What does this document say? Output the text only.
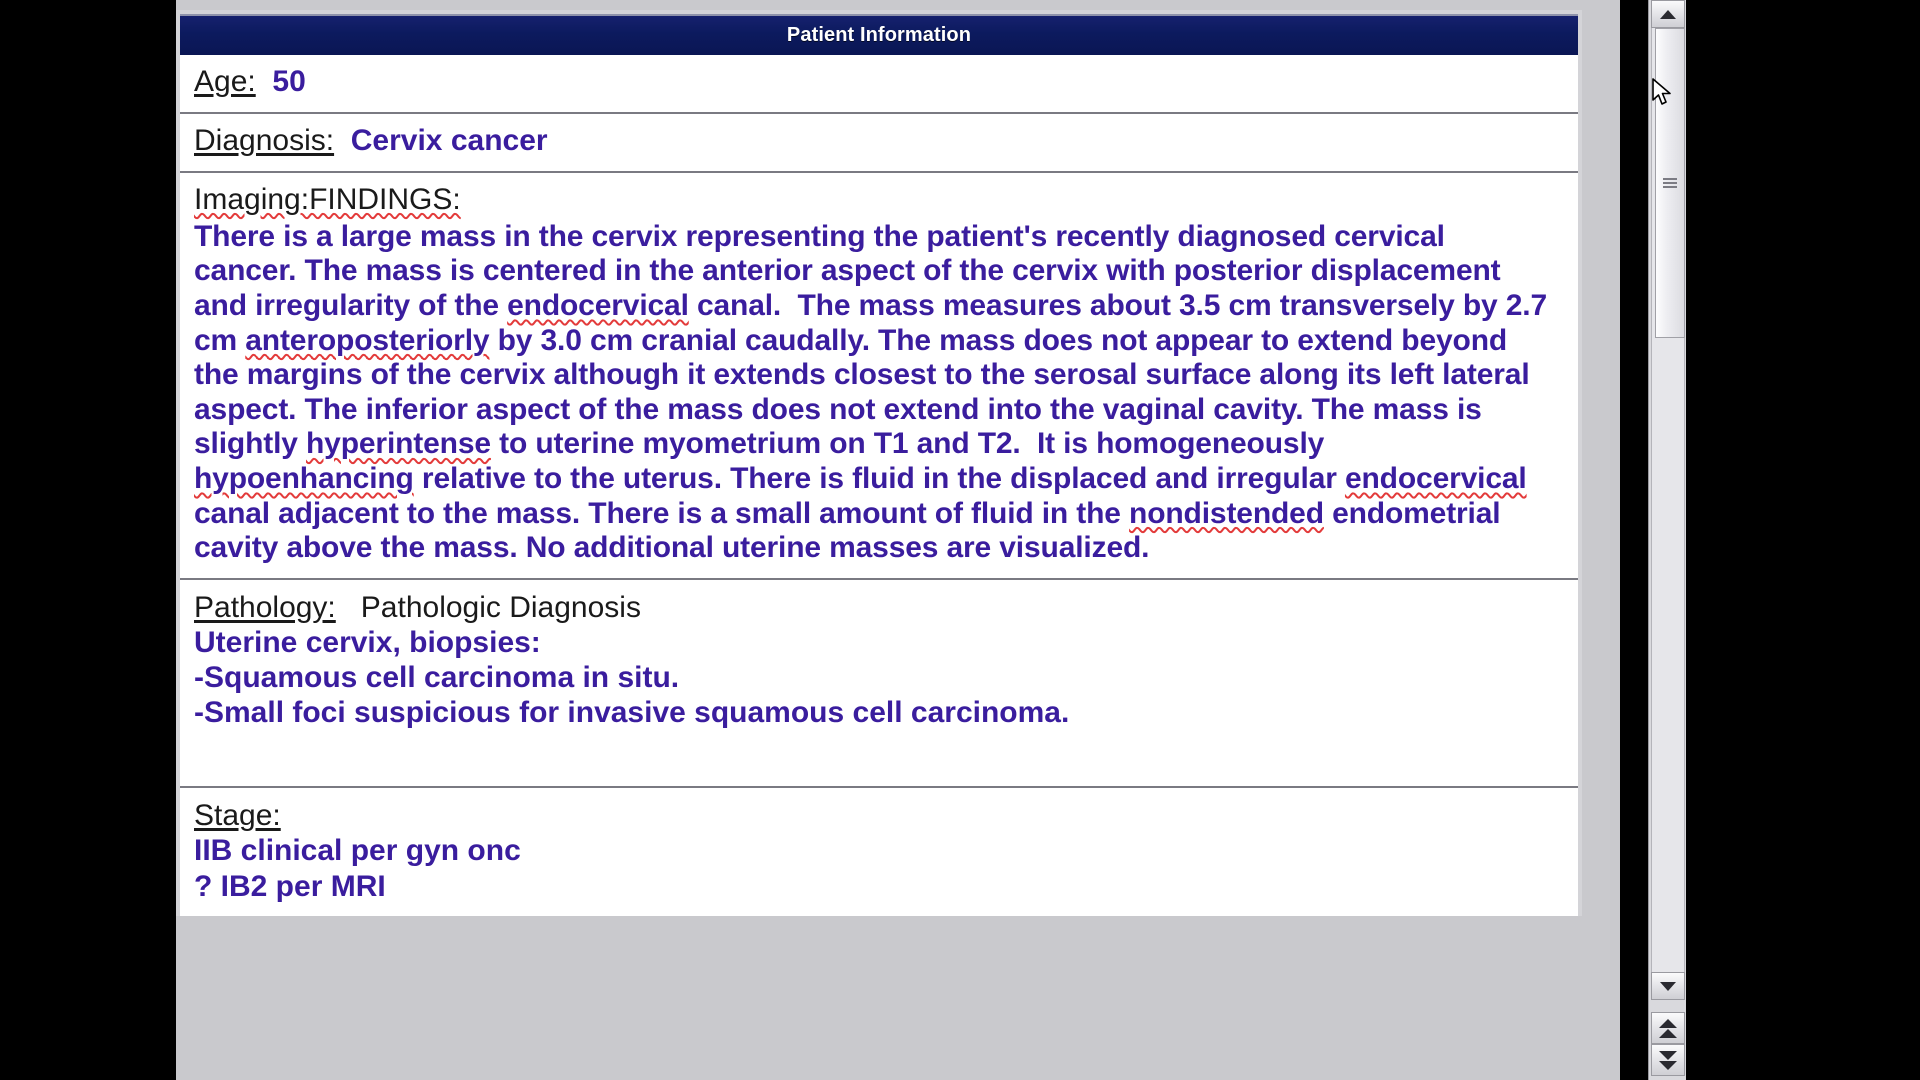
Patient Information
Age: 50
Diagnosis: Cervix cancer
Imaging:FINDINGS:
There is a large mass in the cervix representing the patient's recently diagnosed cervical
cancer. The mass is centered in the anterior aspect of the cervix with posterior displacement
and irregularity of the endocervical canal.  The mass measures about 3.5 cm transversely by 2.7
cm anteroposteriorly by 3.0 cm cranial caudally. The mass does not appear to extend beyond
the margins of the cervix although it extends closest to the serosal surface along its left lateral
aspect. The inferior aspect of the mass does not extend into the vaginal cavity. The mass is
slightly hyperintense to uterine myometrium on T1 and T2.  It is homogeneously
hypoenhancing relative to the uterus. There is fluid in the displaced and irregular endocervical
canal adjacent to the mass. There is a small amount of fluid in the nondistended endometrial
cavity above the mass. No additional uterine masses are visualized.
Pathology: Pathologic Diagnosis
Uterine cervix, biopsies:
-Squamous cell carcinoma in situ.
-Small foci suspicious for invasive squamous cell carcinoma.
Stage:
IIB clinical per gyn onc
? IB2 per MRI
